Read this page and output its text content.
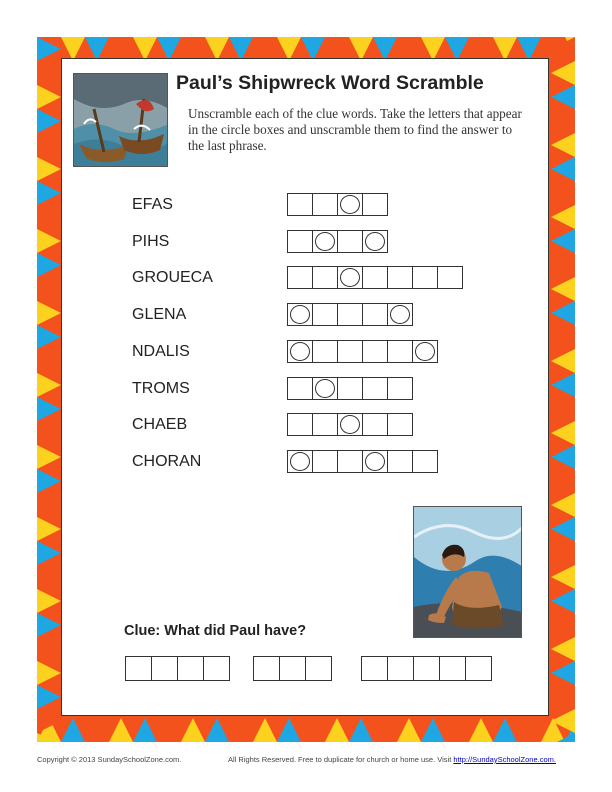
Paul’s Shipwreck Word Scramble
Unscramble each of the clue words. Take the letters that appear in the circle boxes and unscramble them to find the answer to the last phrase.
EFAS
PIHS
GROUECA
GLENA
NDALIS
TROMS
CHAEB
CHORAN
Clue: What did Paul have?
Copyright © 2013 SundaySchoolZone.com.	All Rights Reserved. Free to duplicate for church or home use. Visit http://SundaySchoolZone.com.
